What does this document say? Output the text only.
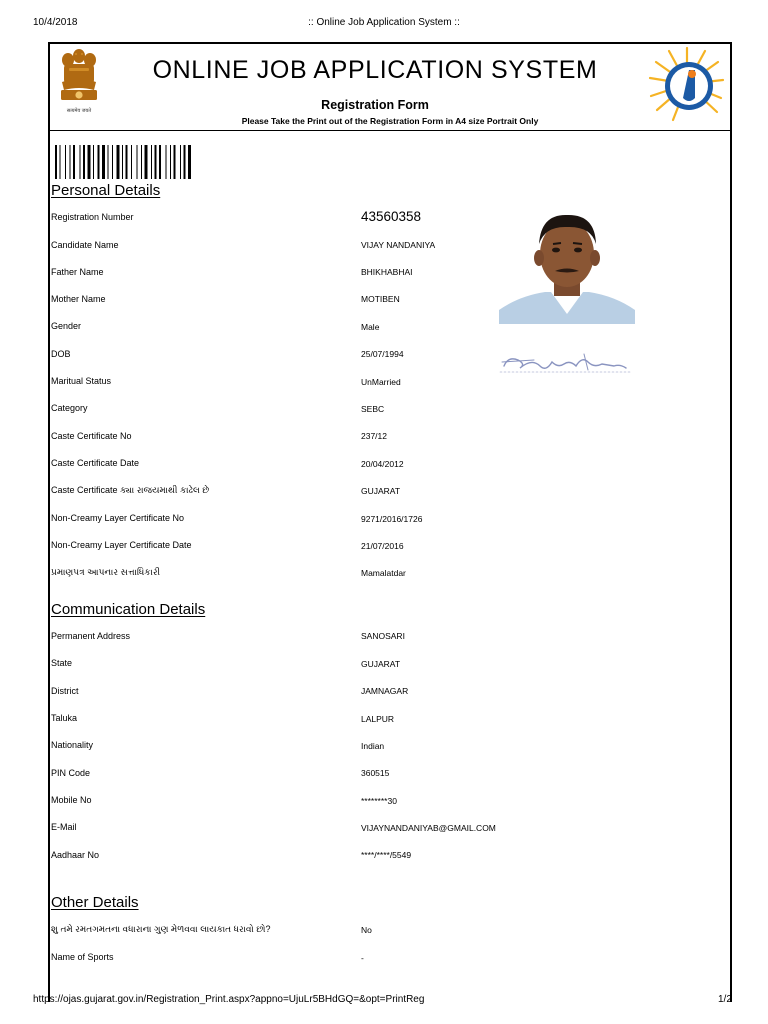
10/4/2018	:: Online Job Application System ::
सत्यमेव जयते
ONLINE JOB APPLICATION SYSTEM
Registration Form
Please Take the Print out of the Registration Form in A4 size Portrait Only
Personal Details
Communication Details
Other Details
Registration Number	43560358
Candidate Name	VIJAY NANDANIYA
Father Name	BHIKHABHAI
Mother Name	MOTIBEN
Gender	Male
DOB	25/07/1994
Maritual Status	UnMarried
Category	SEBC
Caste Certificate No	237/12
Caste Certificate Date	20/04/2012
Caste Certificate ક્યા રાજયમાથી કાઢેલ છે	GUJARAT
Non-Creamy Layer Certificate No	9271/2016/1726
Non-Creamy Layer Certificate Date	21/07/2016
પ્રમાણપત્ર આપનાર સત્તાધિકારી	Mamalatdar
Permanent Address	SANOSARI
State	GUJARAT
District	JAMNAGAR
Taluka	LALPUR
Nationality	Indian
PIN Code	360515
Mobile No	********30
E-Mail	VIJAYNANDANIYAB@GMAIL.COM
Aadhaar No	****/****/5549
શુ તમે રમતગમતના વધારાના ગુણ મેળવવા લાયકાત ધરાવો છો?	No
Name of Sports	-
https://ojas.gujarat.gov.in/Registration_Print.aspx?appno=UjuLr5BHdGQ=&opt=PrintReg	1/2
